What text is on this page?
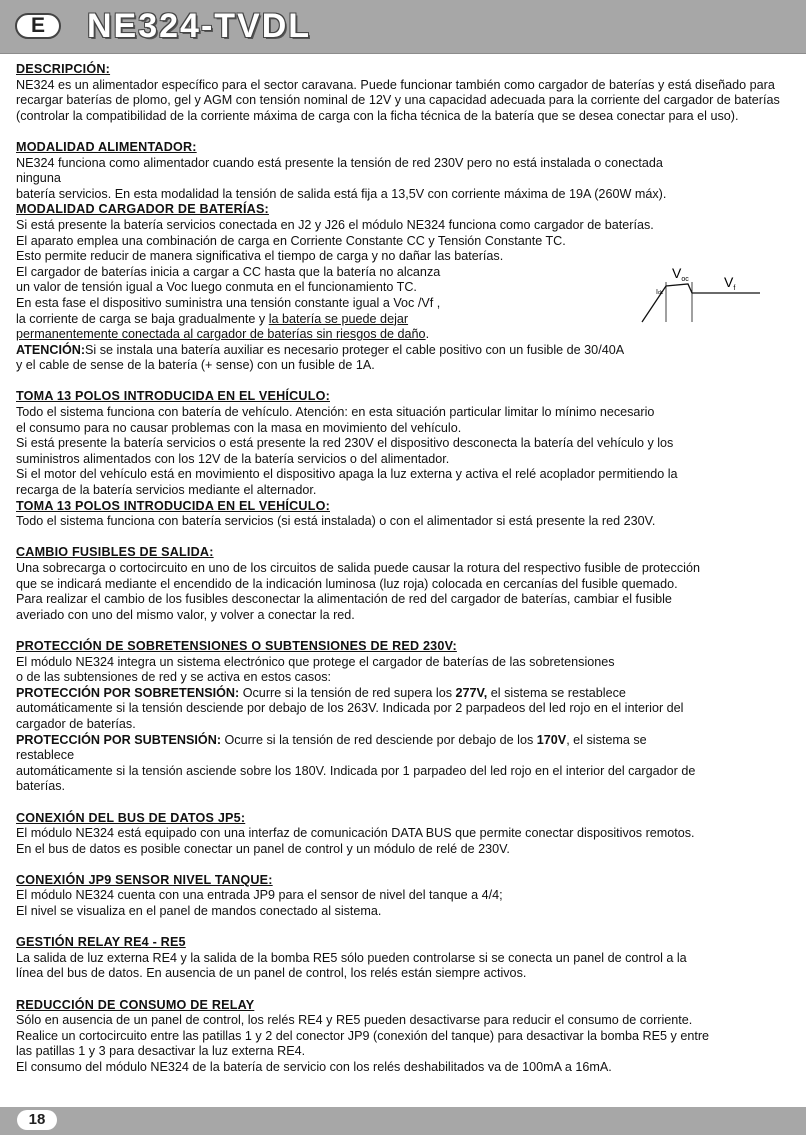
E	NE324-TVDL
Idc
$V_{oc}$	$V_f$
DESCRIPCIÓN:
NE324 es un alimentador específico para el sector caravana. Puede funcionar también como cargador de baterías y está diseñado para recargar baterías de plomo, gel y AGM con tensión nominal de 12V y una capacidad adecuada para la corriente del cargador de baterías (controlar la compatibilidad de la corriente máxima de carga con la ficha técnica de la batería que se desea conectar para el uso).
MODALIDAD ALIMENTADOR:
NE324 funciona como alimentador cuando está presente la tensión de red 230V pero no está instalada o conectada
ninguna
batería servicios. En esta modalidad la tensión de salida está fija a 13,5V con corriente máxima de 19A (260W máx).
MODALIDAD CARGADOR DE BATERÍAS:
Si está presente la batería servicios conectada en J2 y J26 el módulo NE324 funciona como cargador de baterías.
El aparato emplea una combinación de carga en Corriente Constante CC y Tensión Constante TC.
Esto permite reducir de manera significativa el tiempo de carga y no dañar las baterías.
El cargador de baterías inicia a cargar a CC hasta que la batería no alcanza
un valor de tensión igual a Voc luego conmuta en el funcionamiento TC.
En esta fase el dispositivo suministra una tensión constante igual a Voc /Vf ,
la corriente de carga se baja gradualmente y la batería se puede dejar
permanentemente conectada al cargador de baterías sin riesgos de daño.
ATENCIÓN:Si se instala una batería auxiliar es necesario proteger el cable positivo con un fusible de 30/40A
y el cable de sense de la batería (+ sense) con un fusible de 1A.
TOMA 13 POLOS INTRODUCIDA EN EL VEHÍCULO:
Todo el sistema funciona con batería de vehículo. Atención: en esta situación particular limitar lo mínimo necesario
el consumo para no causar problemas con la masa en movimiento del vehículo.
Si está presente la batería servicios o está presente la red 230V el dispositivo desconecta la batería del vehículo y los
suministros alimentados con los 12V de la batería servicios o del alimentador.
Si el motor del vehículo está en movimiento el dispositivo apaga la luz externa y activa el relé acoplador permitiendo la
recarga de la batería servicios mediante el alternador.
TOMA 13 POLOS INTRODUCIDA EN EL VEHÍCULO:
Todo el sistema funciona con batería servicios (si está instalada) o con el alimentador si está presente la red 230V.
CAMBIO FUSIBLES DE SALIDA:
Una sobrecarga o cortocircuito en uno de los circuitos de salida puede causar la rotura del respectivo fusible de protección
que se indicará mediante el encendido de la indicación luminosa (luz roja) colocada en cercanías del fusible quemado.
Para realizar el cambio de los fusibles desconectar la alimentación de red del cargador de baterías, cambiar el fusible
averiado con uno del mismo valor, y volver a conectar la red.
PROTECCIÓN DE SOBRETENSIONES O SUBTENSIONES DE RED 230V:
El módulo NE324 integra un sistema electrónico que protege el cargador de baterías de las sobretensiones
o de las subtensiones de red y se activa en estos casos:
PROTECCIÓN POR SOBRETENSIÓN: Ocurre si la tensión de red supera los 277V, el sistema se restablece
automáticamente si la tensión desciende por debajo de los 263V. Indicada por 2 parpadeos del led rojo en el interior del
cargador de baterías.
PROTECCIÓN POR SUBTENSIÓN: Ocurre si la tensión de red desciende por debajo de los 170V, el sistema se
restablece
automáticamente si la tensión asciende sobre los 180V. Indicada por 1 parpadeo del led rojo en el interior del cargador de
baterías.
CONEXIÓN DEL BUS DE DATOS JP5:
El módulo NE324 está equipado con una interfaz de comunicación DATA BUS que permite conectar dispositivos remotos.
En el bus de datos es posible conectar un panel de control y un módulo de relé de 230V.
CONEXIÓN JP9 SENSOR NIVEL TANQUE:
El módulo NE324 cuenta con una entrada JP9 para el sensor de nivel del tanque a 4/4;
El nivel se visualiza en el panel de mandos conectado al sistema.
GESTIÓN RELAY RE4 - RE5
La salida de luz externa RE4 y la salida de la bomba RE5 sólo pueden controlarse si se conecta un panel de control a la
línea del bus de datos. En ausencia de un panel de control, los relés están siempre activos.
REDUCCIÓN DE CONSUMO DE RELAY
Sólo en ausencia de un panel de control, los relés RE4 y RE5 pueden desactivarse para reducir el consumo de corriente.
Realice un cortocircuito entre las patillas 1 y 2 del conector JP9 (conexión del tanque) para desactivar la bomba RE5 y entre
las patillas 1 y 3 para desactivar la luz externa RE4.
El consumo del módulo NE324 de la batería de servicio con los relés deshabilitados va de 100mA a 16mA.
18
